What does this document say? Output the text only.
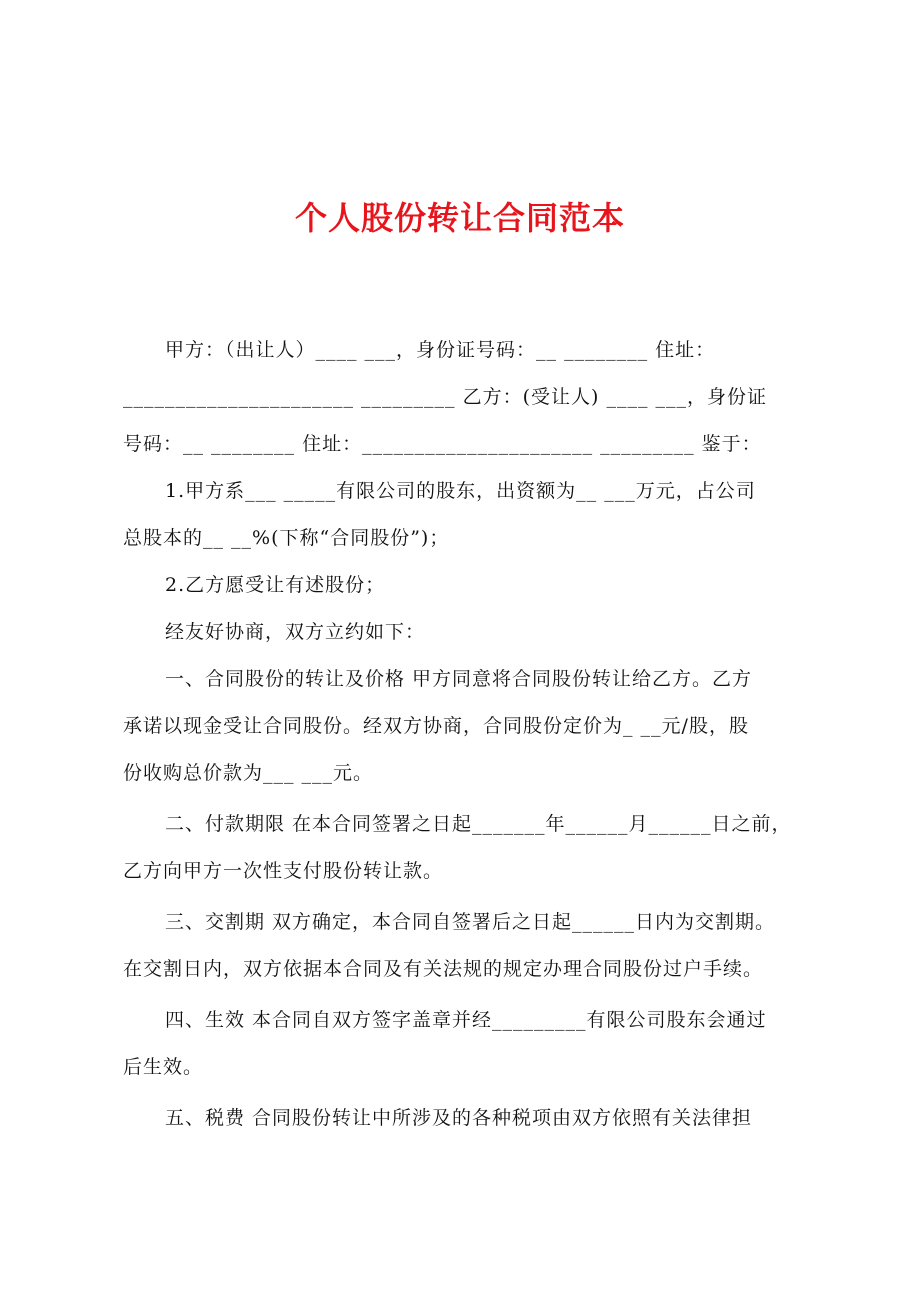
个人股份转让合同范本
甲方：（出让人）____ ___，身份证号码：__ ________ 住址：
______________________ _________ 乙方：(受让人) ____ ___，身份证
号码：__ ________ 住址：______________________ _________ 鉴于：
1.甲方系___ _____有限公司的股东，出资额为__ ___万元，占公司
总股本的__ __%(下称“合同股份”)；
2.乙方愿受让有述股份；
经友好协商，双方立约如下：
一、合同股份的转让及价格 甲方同意将合同股份转让给乙方。乙方
承诺以现金受让合同股份。经双方协商，合同股份定价为_ __元/股，股
份收购总价款为___ ___元。
二、付款期限 在本合同签署之日起_______年______月______日之前，
乙方向甲方一次性支付股份转让款。
三、交割期 双方确定，本合同自签署后之日起______日内为交割期。
在交割日内，双方依据本合同及有关法规的规定办理合同股份过户手续。
四、生效 本合同自双方签字盖章并经_________有限公司股东会通过
后生效。
五、税费 合同股份转让中所涉及的各种税项由双方依照有关法律担
